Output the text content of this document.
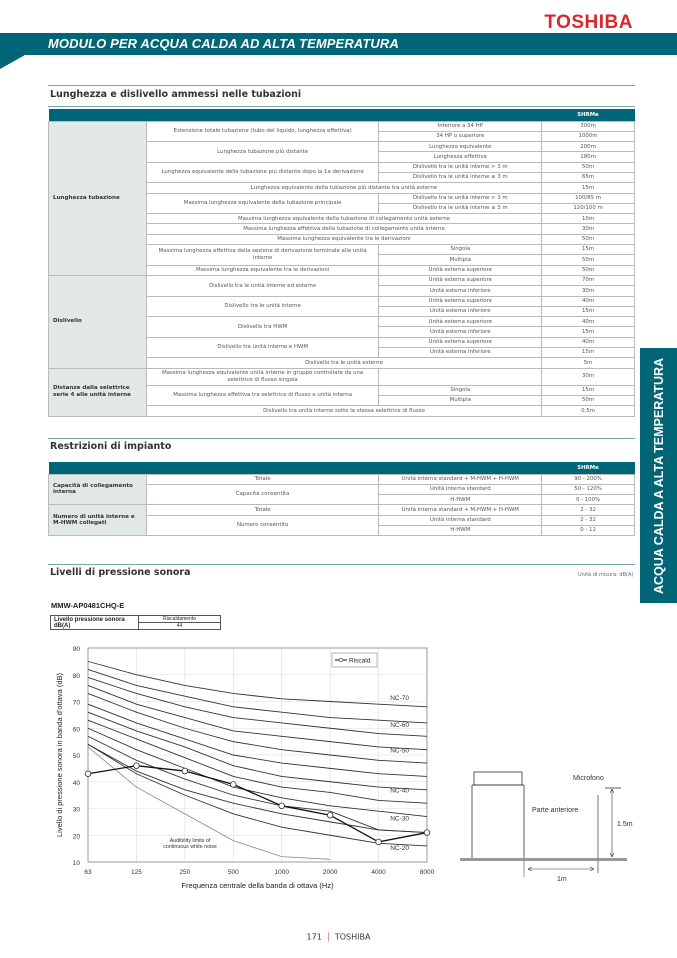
TOSHIBA
MODULO PER ACQUA CALDA AD ALTA TEMPERATURA
ACQUA CALDA A ALTA TEMPERATURA
Lunghezza e dislivello ammessi nelle tubazioni
			SHRMe
Lunghezza tubazione	Estensione totale tubazione (tubo del liquido, lunghezza effettiva)	Inferiore a 34 HP	300m
		34 HP o superiore	1000m
	Lunghezza tubazione più distante	Lunghezza equivalente	200m
		Lunghezza effettiva	180m
	Lunghezza equivalente della tubazione più distante dopo la 1a derivazione	Dislivello tra le unità interne > 3 m	50m
		Dislivello tra le unità interne ≤ 3 m	65m
	Lunghezza equivalente della tubazione più distante tra unità esterne		15m
	Massima lunghezza equivalente della tubazione principale	Dislivello tra le unità interne > 3 m	100/85 m
		Dislivello tra le unità interne ≤ 3 m	120/100 m
	Massima lunghezza equivalente della tubazione di collegamento unità esterne		10m
	Massima lunghezza effettiva della tubazione di collegamento unità interne		30m
	Massima lunghezza equivalente tra le derivazioni		50m
	Massima lunghezza effettiva della sezione di derivazione terminale alle unità interne	Singola	15m
		Multipla	50m
	Massima lunghezza equivalente tra le derivazioni	Unità esterna superiore	50m
Dislivello	Dislivello tra le unità interne ed esterne	Unità esterna superiore	70m
		Unità esterna inferiore	30m
	Dislivello tra le unità interne	Unità esterna superiore	40m
		Unità esterna inferiore	15m
	Dislivello tra HWM	Unità esterna superiore	40m
		Unità esterna inferiore	15m
	Dislivello tra unità interne e HWM	Unità esterna superiore	40m
		Unità esterna inferiore	15m
	Dislivello tra le unità esterne		5m
Distanze dalla selettrice serie 4 alle unità interne	Massima lunghezza equivalente unità interne in gruppo controllate da una selettrice di flusso singola		30m
	Massima lunghezza effettiva tra selettrice di flusso e unità interna	Singola	15m
		Multipla	50m
	Dislivello tra unità interne sotto la stessa selettrice di flusso		0,5m
Restrizioni di impianto
			SHRMe
Capacità di collegamento interna	Totale	Unità interna standard + M-HWM + H-HWM	90 - 200%
	Capacità consentita	Unità interna standard	50 - 120%
		H-HWM	0 - 100%
Numero di unità interne e M-HWM collegati	Totale	Unità interna standard + M-HWM + H-HWM	2 - 32
	Numero consentito	Unità interna standard	2 - 32
		H-HWM	0 - 12
Livelli di pressione sonora	Unità di misura: dB(A)
MMW-AP0481CHQ-E
Livello pressione sonora dB(A)	Riscaldamento
44
10
20
30
40
50
60
70
80
90
63	125	250	500	1000	2000	4000	8000
NC-70
NC-60
NC-50
NC-40
NC-30
NC-20
Riscald.
Audibility limits of
continuous white noise
Frequenza centrale della banda di ottava (Hz)
Livello di pressione sonora in banda d'ottava (dB)	Microfono
Parte anteriore
1.5m
1m
171 TOSHIBA
